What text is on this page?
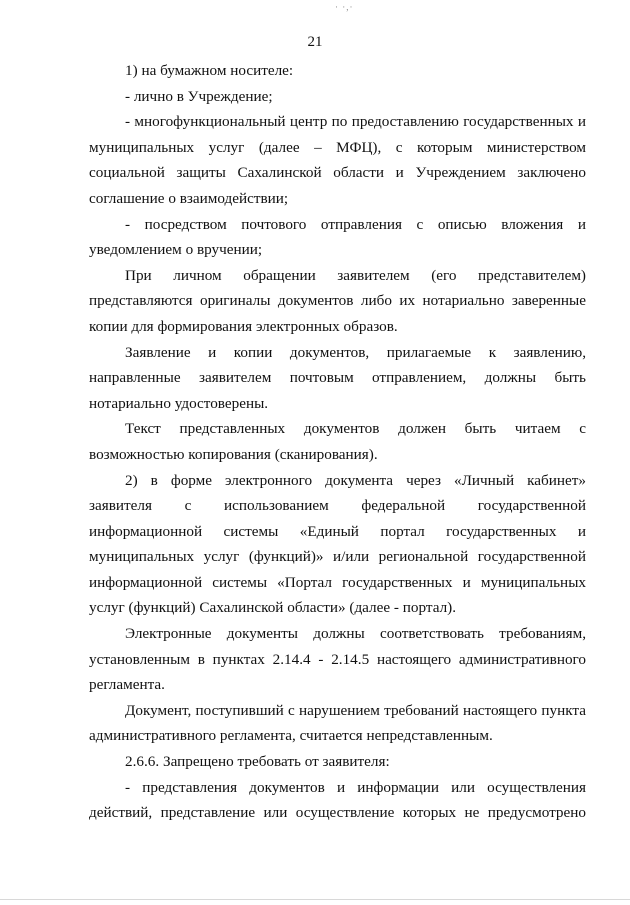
· ·,·
21

1) на бумажном носителе:

- лично в Учреждение;

- многофункциональный центр по предоставлению государственных и муниципальных услуг (далее – МФЦ), с которым министерством социальной защиты Сахалинской области и Учреждением заключено соглашение о взаимодействии;

- посредством почтового отправления с описью вложения и уведомлением о вручении;

При личном обращении заявителем (его представителем) представляются оригиналы документов либо их нотариально заверенные копии для формирования электронных образов.

Заявление и копии документов, прилагаемые к заявлению, направленные заявителем почтовым отправлением, должны быть нотариально удостоверены.

Текст представленных документов должен быть читаем с возможностью копирования (сканирования).

2) в форме электронного документа через «Личный кабинет» заявителя с использованием федеральной государственной информационной системы «Единый портал государственных и муниципальных услуг (функций)» и/или региональной государственной информационной системы «Портал государственных и муниципальных услуг (функций) Сахалинской области» (далее - портал).

Электронные документы должны соответствовать требованиям, установленным в пунктах 2.14.4 - 2.14.5 настоящего административного регламента.

Документ, поступивший с нарушением требований настоящего пункта административного регламента, считается непредставленным.

2.6.6. Запрещено требовать от заявителя:

- представления документов и информации или осуществления действий, представление или осуществление которых не предусмотрено
